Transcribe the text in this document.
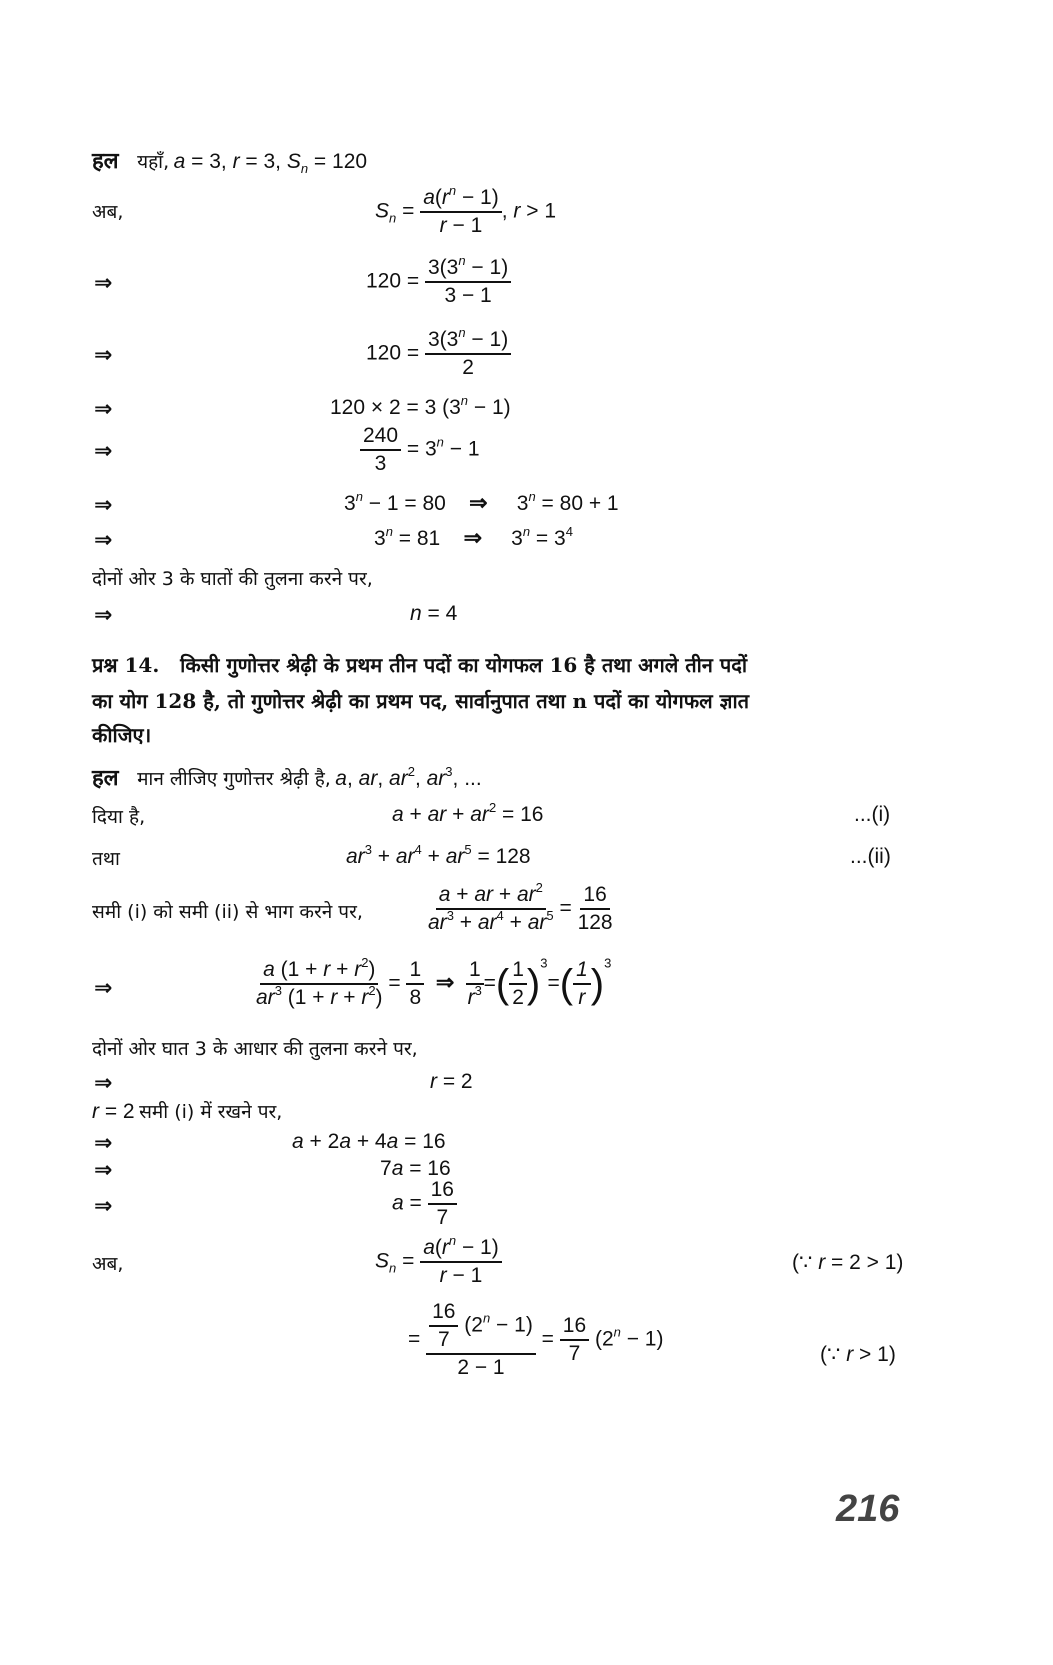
हल यहाँ, a = 3, r = 3, $S_n = 120$
अब,	$S_n = \frac{a(r^n - 1)}{r - 1}$ , r > 1
⇒	$120 = \frac{3(3^n - 1)}{3 - 1}$
⇒	$120 = \frac{3(3^n - 1)}{2}$
⇒	120 × 2 = 3 $(3^n - 1)$
⇒	$\frac{240}{3} = 3^n - 1$
⇒	$3^n - 1 = 80$    ⇒     $3^n = 80 + 1$
⇒	$3^n = 81$    ⇒     $3^n = 3^4$
दोनों ओर 3 के घातों की तुलना करने पर,
⇒	n = 4
प्रश्न 14. किसी गुणोत्तर श्रेढ़ी के प्रथम तीन पदों का योगफल 16 है तथा अगले तीन पदों
का योग 128 है, तो गुणोत्तर श्रेढ़ी का प्रथम पद, सार्वानुपात तथा n पदों का योगफल ज्ञात
कीजिए।
हल मान लीजिए गुणोत्तर श्रेढ़ी है, a, ar, $ar^2$, $ar^3$, ...
दिया है,	a + ar + $ar^2 = 16$	...(i)
तथा	$ar^3 + ar^4 + ar^5 = 128$	...(ii)
समी (i) को समी (ii) से भाग करने पर,	$\frac{a + ar + ar^2}{ar^3 + ar^4 + ar^5} = \frac{16}{128}$
⇒	$\frac{a (1 + r + r^2)}{ar^3 (1 + r + r^2)} = \frac{1}{8}$ ⇒ $\frac{1}{r^3}$ =( $\frac{1}{2} )^3=( \frac{1}{r} )^3$
दोनों ओर घात 3 के आधार की तुलना करने पर,
⇒	r = 2
r = 2 समी (i) में रखने पर,
⇒	a + 2a + 4a = 16
⇒	7a = 16
⇒	$a = \frac{16}{7}$
अब,	$S_n = \frac{a(r^n - 1)}{r - 1}$	(∵ r = 2 > 1)
= $\frac{\frac{16}{7} (2^n - 1)}{2 - 1} = \frac{16}{7} (2^n - 1)$
(∵ r > 1)
216
